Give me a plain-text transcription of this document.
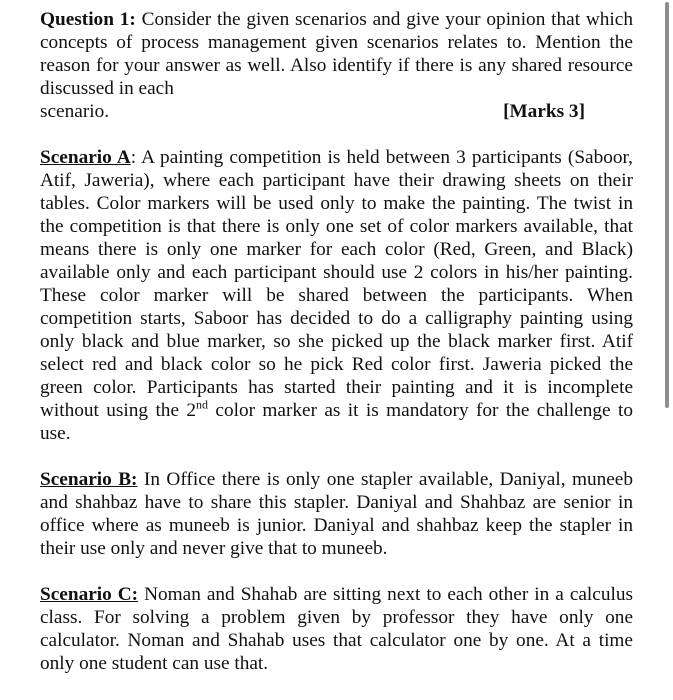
Question 1: Consider the given scenarios and give your opinion that which concepts of process management given scenarios relates to. Mention the reason for your answer as well. Also identify if there is any shared resource discussed in each
scenario.	[Marks 3]
Scenario A: A painting competition is held between 3 participants (Saboor, Atif, Jaweria), where each participant have their drawing sheets on their tables. Color markers will be used only to make the painting. The twist in the competition is that there is only one set of color markers available, that means there is only one marker for each color (Red, Green, and Black) available only and each participant should use 2 colors in his/her painting. These color marker will be shared between the participants. When competition starts, Saboor has decided to do a calligraphy painting using only black and blue marker, so she picked up the black marker first. Atif select red and black color so he pick Red color first. Jaweria picked the green color. Participants has started their painting and it is incomplete without using the 2nd color marker as it is mandatory for the challenge to use.
Scenario B: In Office there is only one stapler available, Daniyal, muneeb and shahbaz have to share this stapler. Daniyal and Shahbaz are senior in office where as muneeb is junior. Daniyal and shahbaz keep the stapler in their use only and never give that to muneeb.
Scenario C: Noman and Shahab are sitting next to each other in a calculus class. For solving a problem given by professor they have only one calculator. Noman and Shahab uses that calculator one by one. At a time only one student can use that.
